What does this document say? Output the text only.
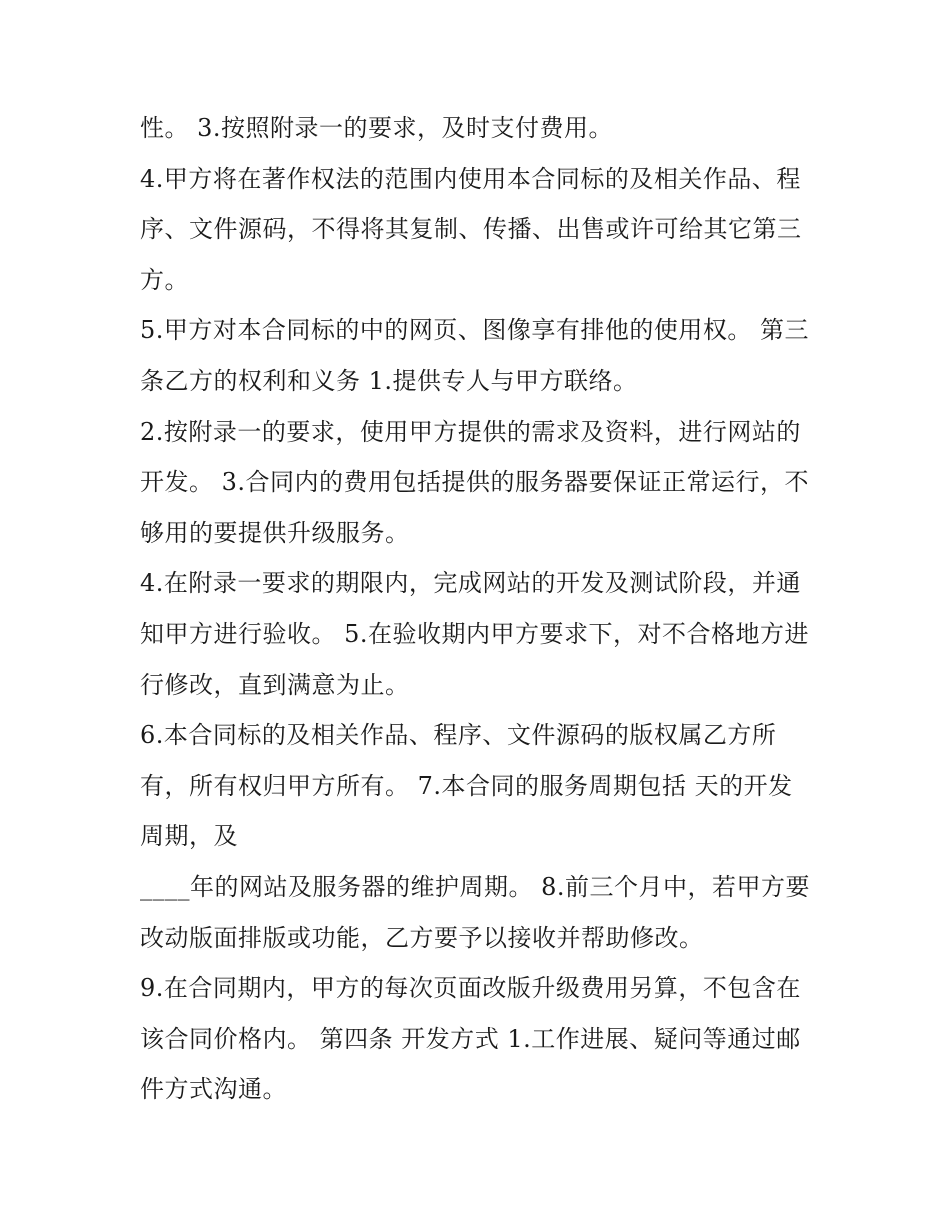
性。 3.按照附录一的要求，及时支付费用。
4.甲方将在著作权法的范围内使用本合同标的及相关作品、程
序、文件源码，不得将其复制、传播、出售或许可给其它第三
方。
5.甲方对本合同标的中的网页、图像享有排他的使用权。 第三
条乙方的权利和义务 1.提供专人与甲方联络。
2.按附录一的要求，使用甲方提供的需求及资料，进行网站的
开发。 3.合同内的费用包括提供的服务器要保证正常运行，不
够用的要提供升级服务。
4.在附录一要求的期限内，完成网站的开发及测试阶段，并通
知甲方进行验收。 5.在验收期内甲方要求下，对不合格地方进
行修改，直到满意为止。
6.本合同标的及相关作品、程序、文件源码的版权属乙方所
有，所有权归甲方所有。 7.本合同的服务周期包括 天的开发
周期，及
____年的网站及服务器的维护周期。 8.前三个月中，若甲方要
改动版面排版或功能，乙方要予以接收并帮助修改。
9.在合同期内，甲方的每次页面改版升级费用另算，不包含在
该合同价格内。 第四条 开发方式 1.工作进展、疑问等通过邮
件方式沟通。
